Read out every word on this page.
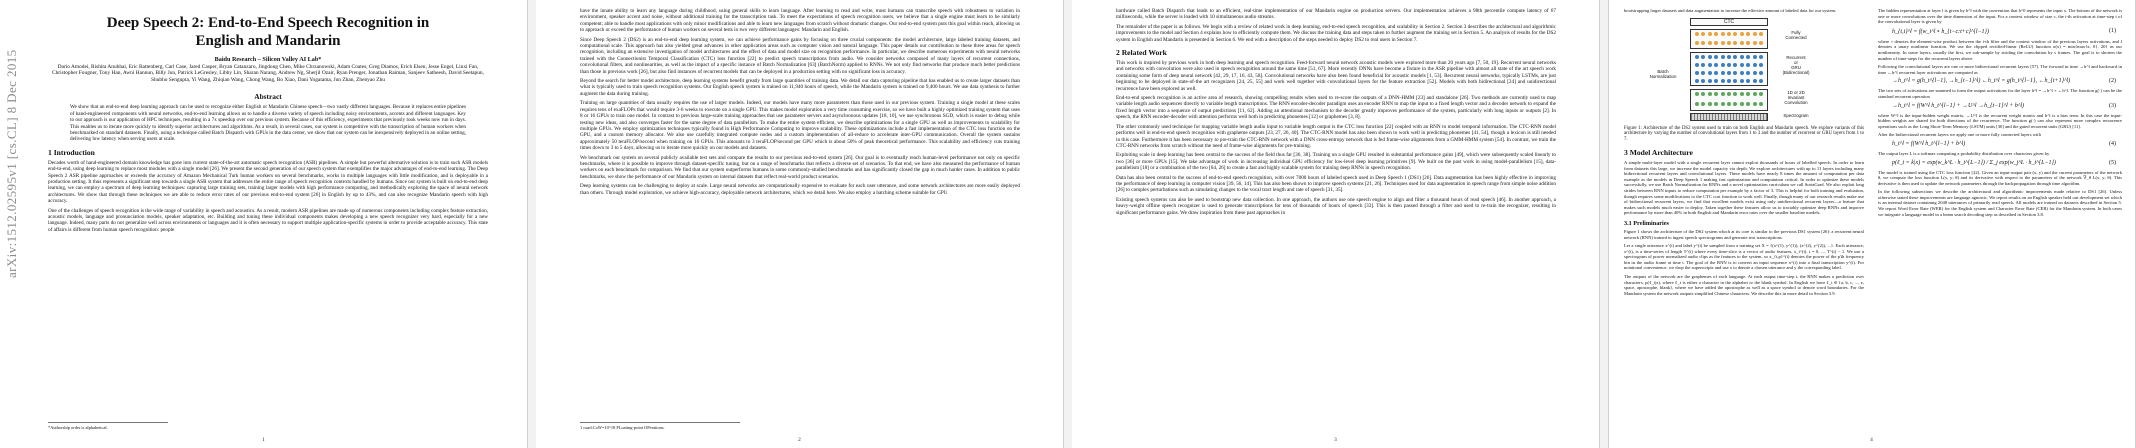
arXiv:1512.02595v1 [cs.CL] 8 Dec 2015
Deep Speech 2: End-to-End Speech Recognition in
English and Mandarin
Baidu Research – Silicon Valley AI Lab*
Dario Amodei, Rishita Anubhai, Eric Battenberg, Carl Case, Jared Casper, Bryan Catanzaro, Jingdong Chen, Mike Chrzanowski, Adam Coates, Greg Diamos, Erich Elsen, Jesse Engel, Linxi Fan, Christopher Fougner, Tony Han, Awni Hannun, Billy Jun, Patrick LeGresley, Libby Lin, Sharan Narang, Andrew Ng, Sherjil Ozair, Ryan Prenger, Jonathan Raiman, Sanjeev Satheesh, David Seetapun, Shubho Sengupta, Yi Wang, Zhiqian Wang, Chong Wang, Bo Xiao, Dani Yogatama, Jun Zhan, Zhenyao Zhu
Abstract
We show that an end-to-end deep learning approach can be used to recognize either English or Mandarin Chinese speech—two vastly different languages. Because it replaces entire pipelines of hand-engineered components with neural networks, end-to-end learning allows us to handle a diverse variety of speech including noisy environments, accents and different languages. Key to our approach is our application of HPC techniques, resulting in a 7x speedup over our previous system. Because of this efficiency, experiments that previously took weeks now run in days. This enables us to iterate more quickly to identify superior architectures and algorithms. As a result, in several cases, our system is competitive with the transcription of human workers when benchmarked on standard datasets. Finally, using a technique called Batch Dispatch with GPUs in the data center, we show that our system can be inexpensively deployed in an online setting, delivering low latency when serving users at scale.
1 Introduction
Decades worth of hand-engineered domain knowledge has gone into current state-of-the-art automatic speech recognition (ASR) pipelines. A simple but powerful alternative solution is to train such ASR models end-to-end, using deep learning to replace most modules with a single model [26]. We present the second generation of our speech system that exemplifies the major advantages of end-to-end learning. The Deep Speech 2 ASR pipeline approaches or exceeds the accuracy of Amazon Mechanical Turk human workers on several benchmarks, works in multiple languages with little modification, and is deployable in a production setting. It thus represents a significant step towards a single ASR system that addresses the entire range of speech recognition contexts handled by humans. Since our system is built on end-to-end deep learning, we can employ a spectrum of deep learning techniques: capturing large training sets, training larger models with high performance computing, and methodically exploring the space of neural network architectures. We show that through these techniques we are able to reduce error rates of our previous end-to-end system [26] in English by up to 43%, and can also recognize Mandarin speech with high accuracy.
One of the challenges of speech recognition is the wide range of variability in speech and acoustics. As a result, modern ASR pipelines are made up of numerous components including complex feature extraction, acoustic models, language and pronunciation models, speaker adaptation, etc. Building and tuning these individual components makes developing a new speech recognizer very hard, especially for a new language. Indeed, many parts do not generalize well across environments or languages and it is often necessary to support multiple application-specific systems in order to provide acceptable accuracy. This state of affairs is different from human speech recognition: people
*Authorship order is alphabetical.
1
have the innate ability to learn any language during childhood, using general skills to learn language. After learning to read and write, most humans can transcribe speech with robustness to variation in environment, speaker accent and noise, without additional training for the transcription task. To meet the expectations of speech recognition users, we believe that a single engine must learn to be similarly competent; able to handle most applications with only minor modifications and able to learn new languages from scratch without dramatic changes. Our end-to-end system puts this goal within reach, allowing us to approach or exceed the performance of human workers on several tests in two very different languages: Mandarin and English.
Since Deep Speech 2 (DS2) is an end-to-end deep learning system, we can achieve performance gains by focusing on three crucial components: the model architecture, large labeled training datasets, and computational scale. This approach has also yielded great advances in other application areas such as computer vision and natural language. This paper details our contribution to these three areas for speech recognition, including an extensive investigation of model architectures and the effect of data and model size on recognition performance. In particular, we describe numerous experiments with neural networks trained with the Connectionist Temporal Classification (CTC) loss function [22] to predict speech transcriptions from audio. We consider networks composed of many layers of recurrent connections, convolutional filters, and nonlinearities, as well as the impact of a specific instance of Batch Normalization [63] (BatchNorm) applied to RNNs. We not only find networks that produce much better predictions than those in previous work [26], but also find instances of recurrent models that can be deployed in a production setting with no significant loss in accuracy.
Beyond the search for better model architecture, deep learning systems benefit greatly from large quantities of training data. We detail our data capturing pipeline that has enabled us to create larger datasets than what is typically used to train speech recognition systems. Our English speech system is trained on 11,940 hours of speech, while the Mandarin system is trained on 9,400 hours. We use data synthesis to further augment the data during training.
Training on large quantities of data usually requires the use of larger models. Indeed, our models have many more parameters than those used in our previous system. Training a single model at these scales requires tens of exaFLOPs that would require 3-6 weeks to execute on a single GPU. This makes model exploration a very time consuming exercise, so we have built a highly optimized training system that uses 8 or 16 GPUs to train one model. In contrast to previous large-scale training approaches that use parameter servers and asynchronous updates [18, 10], we use synchronous SGD, which is easier to debug while testing new ideas, and also converges faster for the same degree of data parallelism. To make the entire system efficient, we describe optimizations for a single GPU as well as improvements to scalability for multiple GPUs. We employ optimization techniques typically found in High Performance Computing to improve scalability. These optimizations include a fast implementation of the CTC loss function on the GPU, and a custom memory allocator. We also use carefully integrated compute nodes and a custom implementation of all-reduce to accelerate inter-GPU communication. Overall the system sustains approximately 50 teraFLOP/second when training on 16 GPUs. This amounts to 3 teraFLOP/second per GPU which is about 50% of peak theoretical performance. This scalability and efficiency cuts training times down to 3 to 5 days, allowing us to iterate more quickly on our models and datasets.
We benchmark our system on several publicly available test sets and compare the results to our previous end-to-end system [26]. Our goal is to eventually reach human-level performance not only on specific benchmarks, where it is possible to improve through dataset-specific tuning, but on a range of benchmarks that reflects a diverse set of scenarios. To that end, we have also measured the performance of human workers on each benchmark for comparison. We find that our system outperforms humans in some commonly-studied benchmarks and has significantly closed the gap in much harder cases. In addition to public benchmarks, we show the performance of our Mandarin system on internal datasets that reflect real-world product scenarios.
Deep learning systems can be challenging to deploy at scale. Large neural networks are computationally expensive to evaluate for each user utterance, and some network architectures are more easily deployed than others. Through model exploration, we achieve high-accuracy, deployable network architectures, which we detail here. We also employ a batching scheme suitable for GPU
1 cuad.CoW=10^18 FLoating-point OPerations.
2
hardware called Batch Dispatch that leads to an efficient, real-time implementation of our Mandarin engine on production servers. Our implementation achieves a 98th percentile compute latency of 67 milliseconds, while the server is loaded with 10 simultaneous audio streams.
The remainder of the paper is as follows. We begin with a review of related work in deep learning, end-to-end speech recognition, and scalability in Section 2. Section 3 describes the architectural and algorithmic improvements to the model and Section 4 explains how to efficiently compute them. We discuss the training data and steps taken to further augment the training set in Section 5. An analysis of results for the DS2 system in English and Mandarin is presented in Section 6. We end with a description of the steps needed to deploy DS2 to real users in Section 7.
2 Related Work
This work is inspired by previous work in both deep learning and speech recognition. Feed-forward neural network acoustic models were explored more than 20 years ago [7, 50, 19]. Recurrent neural networks and networks with convolution were also used in speech recognition around the same time [51, 67]. More recently DNNs have become a fixture in the ASR pipeline with almost all state of the art speech work containing some form of deep neural network [42, 29, 17, 16, 43, 58]. Convolutional networks have also been found beneficial for acoustic models [1, 53]. Recurrent neural networks, typically LSTMs, are just beginning to be deployed in state-of-the art recognizers [24, 25, 55] and work well together with convolutional layers for the feature extraction [52]. Models with both bidirectional [24] and unidirectional recurrence have been explored as well.
End-to-end speech recognition is an active area of research, showing compelling results when used to re-score the outputs of a DNN-HMM [23] and standalone [26]. Two methods are currently used to map variable length audio sequences directly to variable length transcriptions. The RNN encoder-decoder paradigm uses an encoder RNN to map the input to a fixed length vector and a decoder network to expand the fixed length vector into a sequence of output predictions [11, 62]. Adding an attentional mechanism to the decoder greatly improves performance of the system, particularly with long inputs or outputs [2]. In speech, the RNN encoder-decoder with attention performs well both in predicting phonemes [12] or graphemes [3, 8].
The other commonly used technique for mapping variable length audio input to variable length output is the CTC loss function [22] coupled with an RNN to model temporal information. The CTC-RNN model performs well in end-to-end speech recognition with grapheme outputs [23, 27, 26, 40]. The CTC-RNN model has also been shown to work well in predicting phonemes [41, 54], though a lexicon is still needed in this case. Furthermore it has been necessary to pre-train the CTC-RNN network with a DNN cross-entropy network that is fed frame-wise alignments from a GMM-HMM system [54]. In contrast, we train the CTC-RNN networks from scratch without the need of frame-wise alignments for pre-training.
Exploiting scale in deep learning has been central to the success of the field thus far [36, 38]. Training on a single GPU resulted in substantial performance gains [49], which were subsequently scaled linearly to two [36] or more GPUs [15]. We take advantage of work in increasing individual GPU efficiency for low-level deep learning primitives [9]. We built on the past work in using model-parallelism [15], data-parallelism [18] or a combination of the two [64, 26] to create a fast and highly scalable system for training deep RNNs in speech recognition.
Data has also been central to the success of end-to-end speech recognition, with over 7000 hours of labeled speech used in Deep Speech 1 (DS1) [26]. Data augmentation has been highly effective in improving the performance of deep learning in computer vision [39, 56, 14]. This has also been shown to improve speech systems [21, 26]. Techniques used for data augmentation in speech range from simple noise addition [26] to complex perturbations such as simulating changes to the vocal tract length and rate of speech [31, 35].
Existing speech systems can also be used to bootstrap new data collection. In one approach, the authors use one speech engine to align and filter a thousand hours of read speech [46]. In another approach, a heavy-weight offline speech recognizer is used to generate transcriptions for tens of thousands of hours of speech [33]. This is then passed through a filter and used to re-train the recognizer, resulting in significant performance gains. We draw inspiration from these past approaches in
3
bootstrapping larger datasets and data augmentation to increase the effective amount of labeled data for our system.
CTC
Fully
Connected
Recurrent
or
GRU
(Bidirectional)
1D or 2D
Invariant
Convolution
Spectrogram
Batch
Normalization
Figure 1: Architecture of the DS2 system used to train on both English and Mandarin speech. We explore variants of this architecture by varying the number of convolutional layers from 1 to 3 and the number of recurrent or GRU layers from 1 to 7.
3 Model Architecture
A simple multi-layer model with a single recurrent layer cannot exploit thousands of hours of labelled speech. In order to learn from datasets this large, we increase the model capacity via depth. We explore architectures with up to 11 layers including many bidirectional recurrent layers and convolutional layers. These models have nearly 8 times the amount of computation per data example as the models in Deep Speech 1 making fast optimization and computation critical. In order to optimize these models successfully, we use Batch Normalization for RNNs and a novel optimization curriculum we call SortaGrad. We also exploit long strides between RNN inputs to reduce computation per example by a factor of 3. This is helpful for both training and evaluation, though requires some modifications to the CTC cost function to work well. Finally, though many of our research results make use of bidirectional recurrent layers, we find that excellent models exist using only unidirectional recurrent layers—a feature that makes such models much easier to deploy. Taken together these features allow us to tractably optimize deep RNNs and improve performance by more than 40% in both English and Mandarin error rates over the smaller baseline models.
3.1 Preliminaries
Figure 1 shows the architecture of the DS2 system which at its core is similar to the previous DS1 system [26]: a recurrent neural network (RNN) trained to ingest speech spectrograms and generate text transcriptions.
Let a single utterance x^(i) and label y^(i) be sampled from a training set X = {(x^(1), y^(1)), (x^(2), y^(2)), ...}. Each utterance, x^(i), is a time-series of length T^(i) where every time-slice is a vector of audio features, x_t^(i), t = 0, ..., T^(i) − 1. We use a spectrogram of power normalized audio clips as the features to the system, so x_{t,p}^(i) denotes the power of the p'th frequency bin in the audio frame at time t. The goal of the RNN is to convert an input sequence x^(i) into a final transcription y^(i). For notational convenience, we drop the superscripts and use x to denote a chosen utterance and y the corresponding label.
The outputs of the network are the graphemes of each language. At each output time-step t, the RNN makes a prediction over characters, p(ℓ_t|x), where ℓ_t is either a character in the alphabet or the blank symbol. In English we have ℓ_t ∈ {a, b, c, ..., z, space, apostrophe, blank}, where we have added the apostrophe as well as a space symbol to denote word boundaries. For the Mandarin system the network outputs simplified Chinese characters. We describe this in more detail in Section 3.9.
The hidden representation at layer l is given by h^l with the convention that h^0 represents the input x. The bottom of the network is one or more convolutions over the time dimension of the input. For a context window of size c, the i-th activation at time-step t of the convolutional layer is given by
h_{t,i}^l = f(w_i^l ∘ h_{t−c:t+c}^{l−1})	(1)
where ∘ denotes the element-wise product between the i-th filter and the context window of the previous layers activations, and f denotes a unary nonlinear function. We use the clipped rectified-linear (ReLU) function σ(x) = min{max{x, 0}, 20} as our nonlinearity. In some layers, usually the first, we sub-sample by striding the convolution by s frames. The goal is to shorten the number of time-steps for the recurrent layers above.
Following the convolutional layers are one or more bidirectional recurrent layers [57]. The forward in time →h^l and backward in time ←h^l recurrent layer activations are computed as
→h_t^l = g(h_t^{l−1}, →h_{t−1}^l) ←h_t^l = g(h_t^{l−1}, ←h_{t+1}^l)	(2)
The two sets of activations are summed to form the output activations for the layer h^l = →h^l + ←h^l. The function g(·) can be the standard recurrent operation
→h_t^l = f(W^l h_t^{l−1} + →U^l →h_{t−1}^l + b^l)	(3)
where W^l is the input-hidden weight matrix, →U^l is the recurrent weight matrix and b^l is a bias term. In this case the input-hidden weights are shared for both directions of the recurrence. The function g(·) can also represent more complex recurrence operations such as the Long Short-Term Memory (LSTM) units [30] and the gated recurrent units (GRU) [11].
After the bidirectional recurrent layers we apply one or more fully connected layers with
h_t^l = f(W^l h_t^{l−1} + b^l)	(4)
The output layer L is a softmax computing a probability distribution over characters given by
p(ℓ_t = k|x) = exp(w_k^L · h_t^{L−1}) / Σ_j exp(w_j^L · h_t^{L−1})	(5)
The model is trained using the CTC loss function [22]. Given an input-output pair (x, y) and the current parameters of the network θ, we compute the loss function L(x, y; θ) and its derivative with respect to the parameters of the network ∇_θ L(x, y; θ). This derivative is then used to update the network parameters through the backpropagation through time algorithm.
In the following subsections we describe the architectural and algorithmic improvements made relative to DS1 [26]. Unless otherwise stated these improvements are language agnostic. We report results on an English speaker held out development set which is an internal dataset containing 2048 utterances of primarily read speech. All models are trained on datasets described in Section 5. We report Word Error Rate (WER) for the English system and Character Error Rate (CER) for the Mandarin system. In both cases we integrate a language model in a beam search decoding step as described in Section 3.8.
4
